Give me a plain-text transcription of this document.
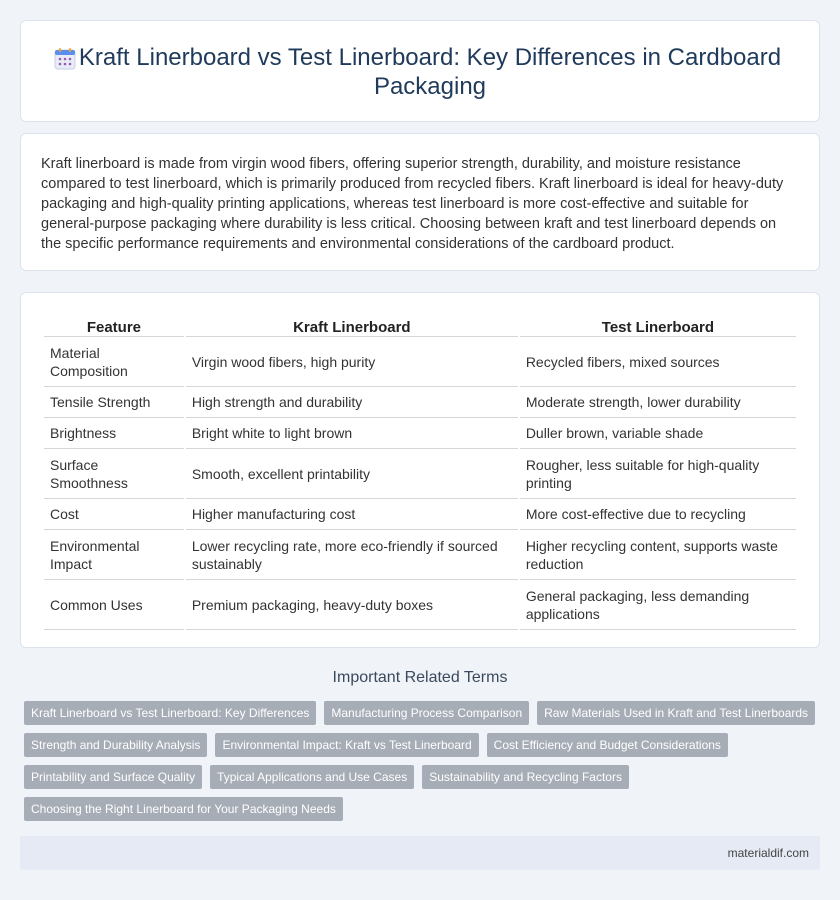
Kraft Linerboard vs Test Linerboard: Key Differences in Cardboard Packaging

Kraft linerboard is made from virgin wood fibers, offering superior strength, durability, and moisture resistance compared to test linerboard, which is primarily produced from recycled fibers. Kraft linerboard is ideal for heavy-duty packaging and high-quality printing applications, whereas test linerboard is more cost-effective and suitable for general-purpose packaging where durability is less critical. Choosing between kraft and test linerboard depends on the specific performance requirements and environmental considerations of the cardboard product.

Feature	Kraft Linerboard	Test Linerboard
Material Composition	Virgin wood fibers, high purity	Recycled fibers, mixed sources
Tensile Strength	High strength and durability	Moderate strength, lower durability
Brightness	Bright white to light brown	Duller brown, variable shade
Surface Smoothness	Smooth, excellent printability	Rougher, less suitable for high-quality printing
Cost	Higher manufacturing cost	More cost-effective due to recycling
Environmental Impact	Lower recycling rate, more eco-friendly if sourced sustainably	Higher recycling content, supports waste reduction
Common Uses	Premium packaging, heavy-duty boxes	General packaging, less demanding applications
Important Related Terms
Kraft Linerboard vs Test Linerboard: Key Differences	Manufacturing Process Comparison	Raw Materials Used in Kraft and Test Linerboards
Strength and Durability Analysis	Environmental Impact: Kraft vs Test Linerboard	Cost Efficiency and Budget Considerations
Printability and Surface Quality	Typical Applications and Use Cases	Sustainability and Recycling Factors
Choosing the Right Linerboard for Your Packaging Needs
materialdif.com
